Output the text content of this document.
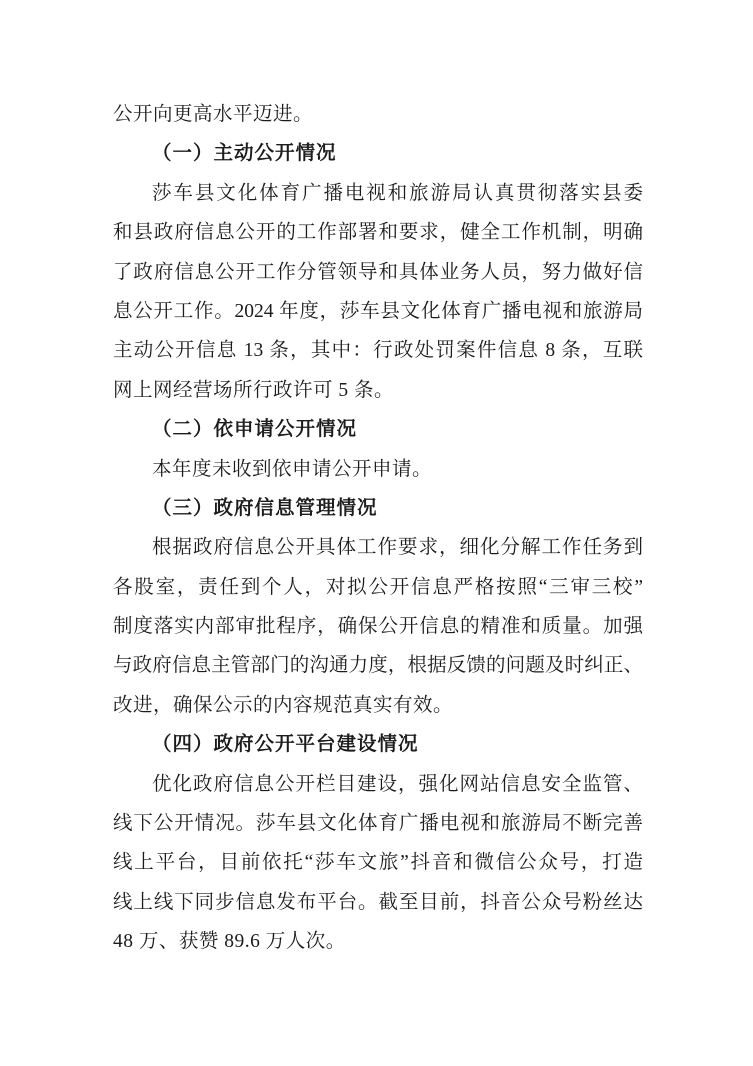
公开向更高水平迈进。
（一）主动公开情况
莎车县文化体育广播电视和旅游局认真贯彻落实县委
和县政府信息公开的工作部署和要求，健全工作机制，明确
了政府信息公开工作分管领导和具体业务人员，努力做好信
息公开工作。2024 年度，莎车县文化体育广播电视和旅游局
主动公开信息 13 条，其中：行政处罚案件信息 8 条，互联
网上网经营场所行政许可 5 条。
（二）依申请公开情况
本年度未收到依申请公开申请。
（三）政府信息管理情况
根据政府信息公开具体工作要求，细化分解工作任务到
各股室，责任到个人，对拟公开信息严格按照“三审三校”
制度落实内部审批程序，确保公开信息的精准和质量。加强
与政府信息主管部门的沟通力度，根据反馈的问题及时纠正、
改进，确保公示的内容规范真实有效。
（四）政府公开平台建设情况
优化政府信息公开栏目建设，强化网站信息安全监管、
线下公开情况。莎车县文化体育广播电视和旅游局不断完善
线上平台，目前依托“莎车文旅”抖音和微信公众号，打造
线上线下同步信息发布平台。截至目前，抖音公众号粉丝达
48 万、获赞 89.6 万人次。
